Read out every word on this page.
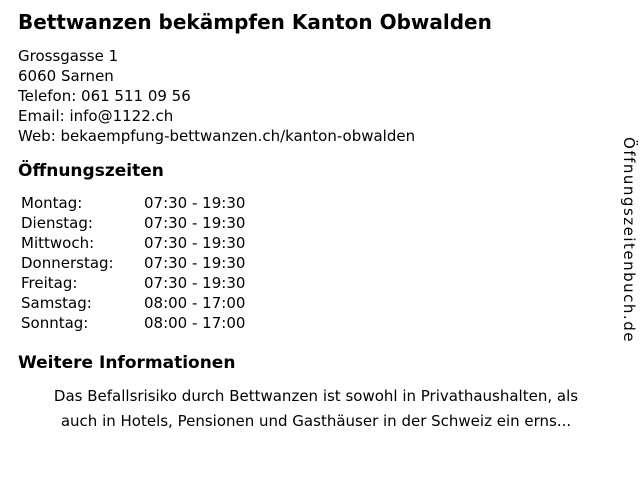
Bettwanzen bekämpfen Kanton Obwalden
Grossgasse 1
6060 Sarnen
Telefon: 061 511 09 56
Email: info@1122.ch
Web: bekaempfung-bettwanzen.ch/kanton-obwalden
Öffnungszeiten
Montag:	07:30 - 19:30
Dienstag:	07:30 - 19:30
Mittwoch:	07:30 - 19:30
Donnerstag:	07:30 - 19:30
Freitag:	07:30 - 19:30
Samstag:	08:00 - 17:00
Sonntag:	08:00 - 17:00
Weitere Informationen

Das Befallsrisiko durch Bettwanzen ist sowohl in Privathaushalten, als
auch in Hotels, Pensionen und Gasthäuser in der Schweiz ein erns...

Öffnungszeitenbuch.de
